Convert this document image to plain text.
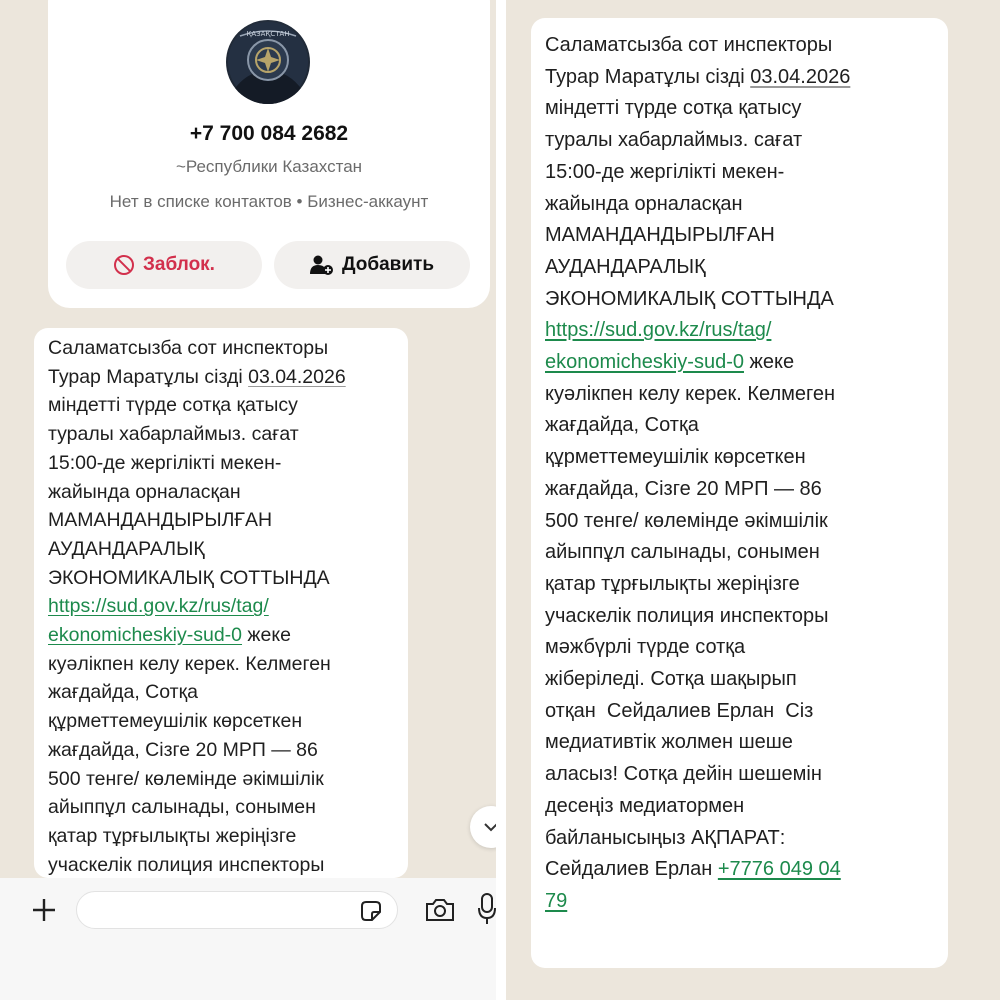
ҚАЗАҚСТАН
+7 700 084 2682
~Республики Казахстан
Нет в списке контактов • Бизнес-аккаунт
Заблок.	Добавить
Саламатсызба сот инспекторы
Турар Маратұлы сізді 03.04.2026
міндетті түрде сотқа қатысу
туралы хабарлаймыз. сағат
15:00-де жергілікті мекен-
жайында орналасқан
МАМАНДАНДЫРЫЛҒАН
АУДАНДАРАЛЫҚ
ЭКОНОМИКАЛЫҚ СОТТЫНДА
https://sud.gov.kz/rus/tag/
ekonomicheskiy-sud-0 жеке
куәлікпен келу керек. Келмеген
жағдайда, Сотқа
құрметтемеушілік көрсеткен
жағдайда, Сізге 20 МРП — 86
500 тенге/ көлемінде әкімшілік
айыппұл салынады, сонымен
қатар тұрғылықты жеріңізге
учаскелік полиция инспекторы
Саламатсызба сот инспекторы
Турар Маратұлы сізді 03.04.2026
міндетті түрде сотқа қатысу
туралы хабарлаймыз. сағат
15:00-де жергілікті мекен-
жайында орналасқан
МАМАНДАНДЫРЫЛҒАН
АУДАНДАРАЛЫҚ
ЭКОНОМИКАЛЫҚ СОТТЫНДА
https://sud.gov.kz/rus/tag/
ekonomicheskiy-sud-0 жеке
куәлікпен келу керек. Келмеген
жағдайда, Сотқа
құрметтемеушілік көрсеткен
жағдайда, Сізге 20 МРП — 86
500 тенге/ көлемінде әкімшілік
айыппұл салынады, сонымен
қатар тұрғылықты жеріңізге
учаскелік полиция инспекторы
мәжбүрлі түрде сотқа
жіберіледі. Сотқа шақырып
отқан  Сейдалиев Ерлан  Сіз
медиативтік жолмен шеше
аласыз! Сотқа дейін шешемін
десеңіз медиатормен
байланысыңыз АҚПАРАТ:
Сейдалиев Ерлан +7776 049 04
79
